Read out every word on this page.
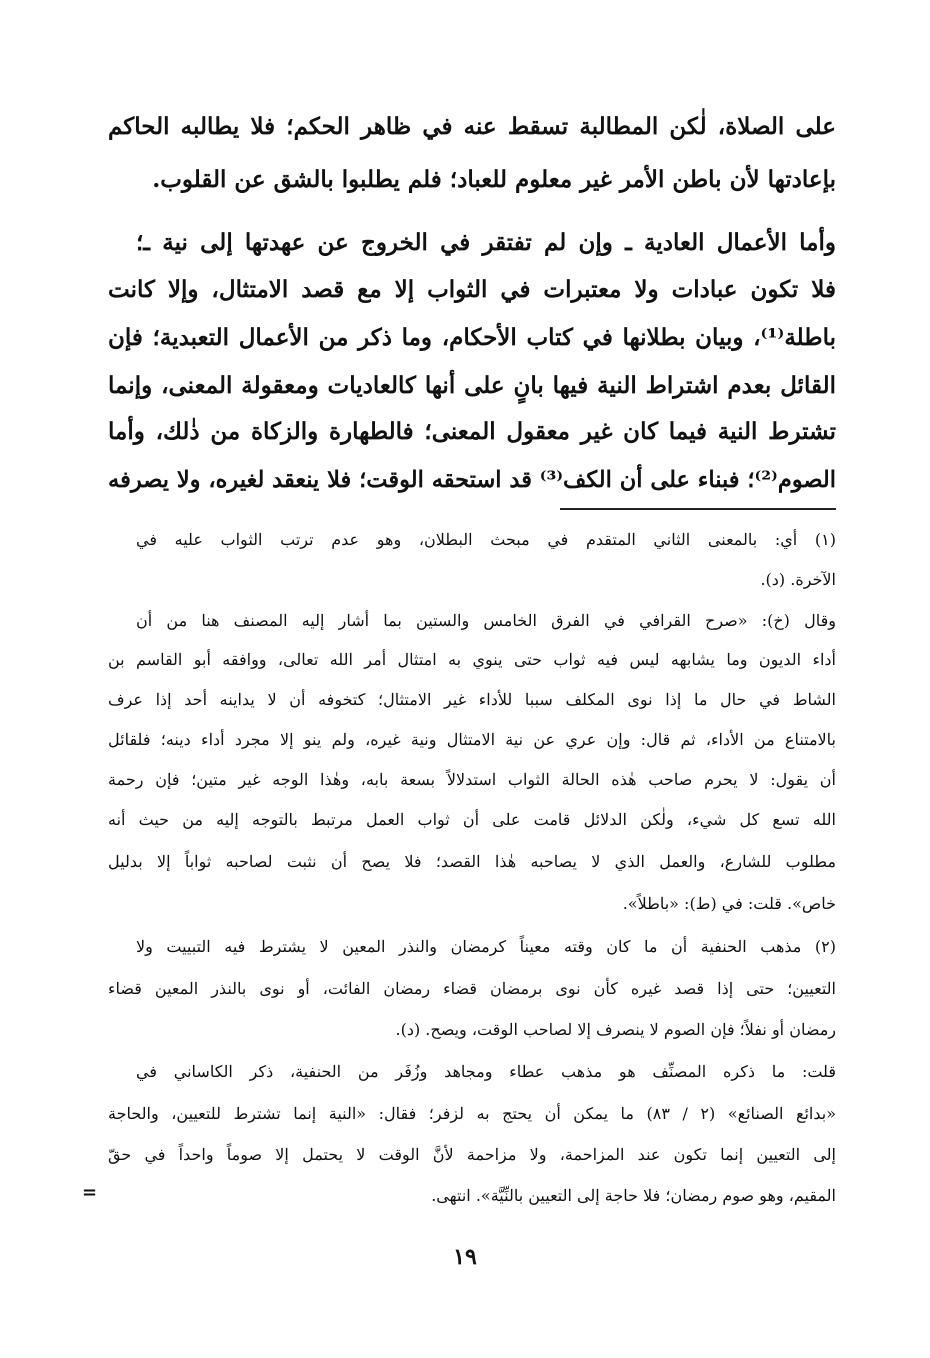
على الصلاة، لٰكن المطالبة تسقط عنه في ظاهر الحكم؛ فلا يطالبه الحاكم
بإعادتها لأن باطن الأمر غير معلوم للعباد؛ فلم يطلبوا بالشق عن القلوب.
وأما الأعمال العادية ـ وإن لم تفتقر في الخروج عن عهدتها إلى نية ـ؛
فلا تكون عبادات ولا معتبرات في الثواب إلا مع قصد الامتثال، وإلا كانت
باطلة⁽¹⁾، وبيان بطلانها في كتاب الأحكام، وما ذكر من الأعمال التعبدية؛ فإن
القائل بعدم اشتراط النية فيها بانٍ على أنها كالعاديات ومعقولة المعنى، وإنما
تشترط النية فيما كان غير معقول المعنى؛ فالطهارة والزكاة من ذٰلك، وأما
الصوم⁽²⁾؛ فبناء على أن الكف⁽³⁾ قد استحقه الوقت؛ فلا ينعقد لغيره، ولا يصرفه
(١) أي: بالمعنى الثاني المتقدم في مبحث البطلان، وهو عدم ترتب الثواب عليه في
الآخرة. (د).
وقال (خ): «صرح القرافي في الفرق الخامس والستين بما أشار إليه المصنف هنا من أن
أداء الديون وما يشابهه ليس فيه ثواب حتى ينوي به امتثال أمر الله تعالى، ووافقه أبو القاسم بن
الشاط في حال ما إذا نوى المكلف سببا للأداء غير الامتثال؛ كتخوفه أن لا يداينه أحد إذا عرف
بالامتناع من الأداء، ثم قال: وإن عري عن نية الامتثال ونية غيره، ولم ينو إلا مجرد أداء دينه؛ فلقائل
أن يقول: لا يحرم صاحب هٰذه الحالة الثواب استدلالاً بسعة بابه، وهٰذا الوجه غير متين؛ فإن رحمة
الله تسع كل شيء، ولٰكن الدلائل قامت على أن ثواب العمل مرتبط بالتوجه إليه من حيث أنه
مطلوب للشارع، والعمل الذي لا يصاحبه هٰذا القصد؛ فلا يصح أن نثبت لصاحبه ثواباً إلا بدليل
خاص». قلت: في (ط): «باطلاً».
(٢) مذهب الحنفية أن ما كان وقته معيناً كرمضان والنذر المعين لا يشترط فيه التبييت ولا
التعيين؛ حتى إذا قصد غيره كأن نوى برمضان قضاء رمضان الفائت، أو نوى بالنذر المعين قضاء
رمضان أو نفلاً؛ فإن الصوم لا ينصرف إلا لصاحب الوقت، ويصح. (د).
قلت: ما ذكره المصنِّف هو مذهب عطاء ومجاهد وزُفَر من الحنفية، ذكر الكاساني في
«بدائع الصنائع» (٢ / ٨٣) ما يمكن أن يحتج به لزفر؛ فقال: «النية إنما تشترط للتعيين، والحاجة
إلى التعيين إنما تكون عند المزاحمة، ولا مزاحمة لأنَّ الوقت لا يحتمل إلا صوماً واحداً في حقّ
المقيم، وهو صوم رمضان؛ فلا حاجة إلى التعيين بالنِّيَّة». انتهى.
=
١٩
